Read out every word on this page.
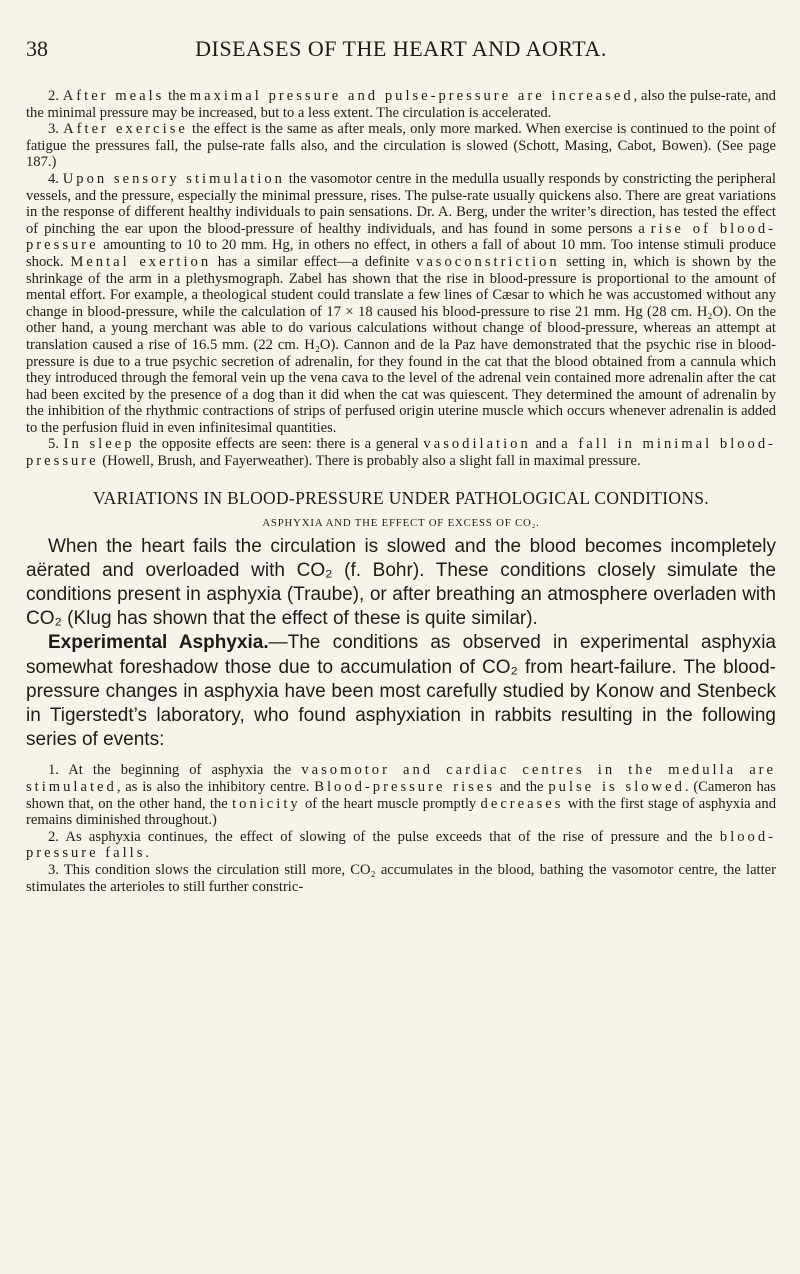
38	DISEASES OF THE HEART AND AORTA.

2. After meals the maximal pressure and pulse-pressure are increased, also the pulse-rate, and the minimal pressure may be increased, but to a less extent. The circulation is accelerated.

3. After exercise the effect is the same as after meals, only more marked. When exercise is continued to the point of fatigue the pressures fall, the pulse-rate falls also, and the circulation is slowed (Schott, Masing, Cabot, Bowen). (See page 187.)

4. Upon sensory stimulation the vasomotor centre in the medulla usually responds by constricting the peripheral vessels, and the pressure, especially the minimal pressure, rises. The pulse-rate usually quickens also. There are great variations in the response of different healthy individuals to pain sensations. Dr. A. Berg, under the writer’s direction, has tested the effect of pinching the ear upon the blood-pressure of healthy individuals, and has found in some persons a rise of blood-pressure amounting to 10 to 20 mm. Hg, in others no effect, in others a fall of about 10 mm. Too intense stimuli produce shock. Mental exertion has a similar effect—a definite vasoconstriction setting in, which is shown by the shrinkage of the arm in a plethysmograph. Zabel has shown that the rise in blood-pressure is proportional to the amount of mental effort. For example, a theological student could translate a few lines of Cæsar to which he was accustomed without any change in blood-pressure, while the calculation of 17 × 18 caused his blood-pressure to rise 21 mm. Hg (28 cm. H₂O). On the other hand, a young merchant was able to do various calculations without change of blood-pressure, whereas an attempt at translation caused a rise of 16.5 mm. (22 cm. H₂O). Cannon and de la Paz have demonstrated that the psychic rise in blood-pressure is due to a true psychic secretion of adrenalin, for they found in the cat that the blood obtained from a cannula which they introduced through the femoral vein up the vena cava to the level of the adrenal vein contained more adrenalin after the cat had been excited by the presence of a dog than it did when the cat was quiescent. They determined the amount of adrenalin by the inhibition of the rhythmic contractions of strips of perfused origin uterine muscle which occurs whenever adrenalin is added to the perfusion fluid in even infinitesimal quantities.

5. In sleep the opposite effects are seen: there is a general vasodilation and a fall in minimal blood-pressure (Howell, Brush, and Fayerweather). There is probably also a slight fall in maximal pressure.

VARIATIONS IN BLOOD-PRESSURE UNDER PATHOLOGICAL CONDITIONS.
ASPHYXIA AND THE EFFECT OF EXCESS OF CO₂.

When the heart fails the circulation is slowed and the blood becomes incompletely aërated and overloaded with CO₂ (f. Bohr). These conditions closely simulate the conditions present in asphyxia (Traube), or after breathing an atmosphere overladen with CO₂ (Klug has shown that the effect of these is quite similar).

Experimental Asphyxia.—The conditions as observed in experimental asphyxia somewhat foreshadow those due to accumulation of CO₂ from heart-failure. The blood-pressure changes in asphyxia have been most carefully studied by Konow and Stenbeck in Tigerstedt’s laboratory, who found asphyxiation in rabbits resulting in the following series of events:

1. At the beginning of asphyxia the vasomotor and cardiac centres in the medulla are stimulated, as is also the inhibitory centre. Blood-pressure rises and the pulse is slowed. (Cameron has shown that, on the other hand, the tonicity of the heart muscle promptly decreases with the first stage of asphyxia and remains diminished throughout.)

2. As asphyxia continues, the effect of slowing of the pulse exceeds that of the rise of pressure and the blood-pressure falls.

3. This condition slows the circulation still more, CO₂ accumulates in the blood, bathing the vasomotor centre, the latter stimulates the arterioles to still further constric-
